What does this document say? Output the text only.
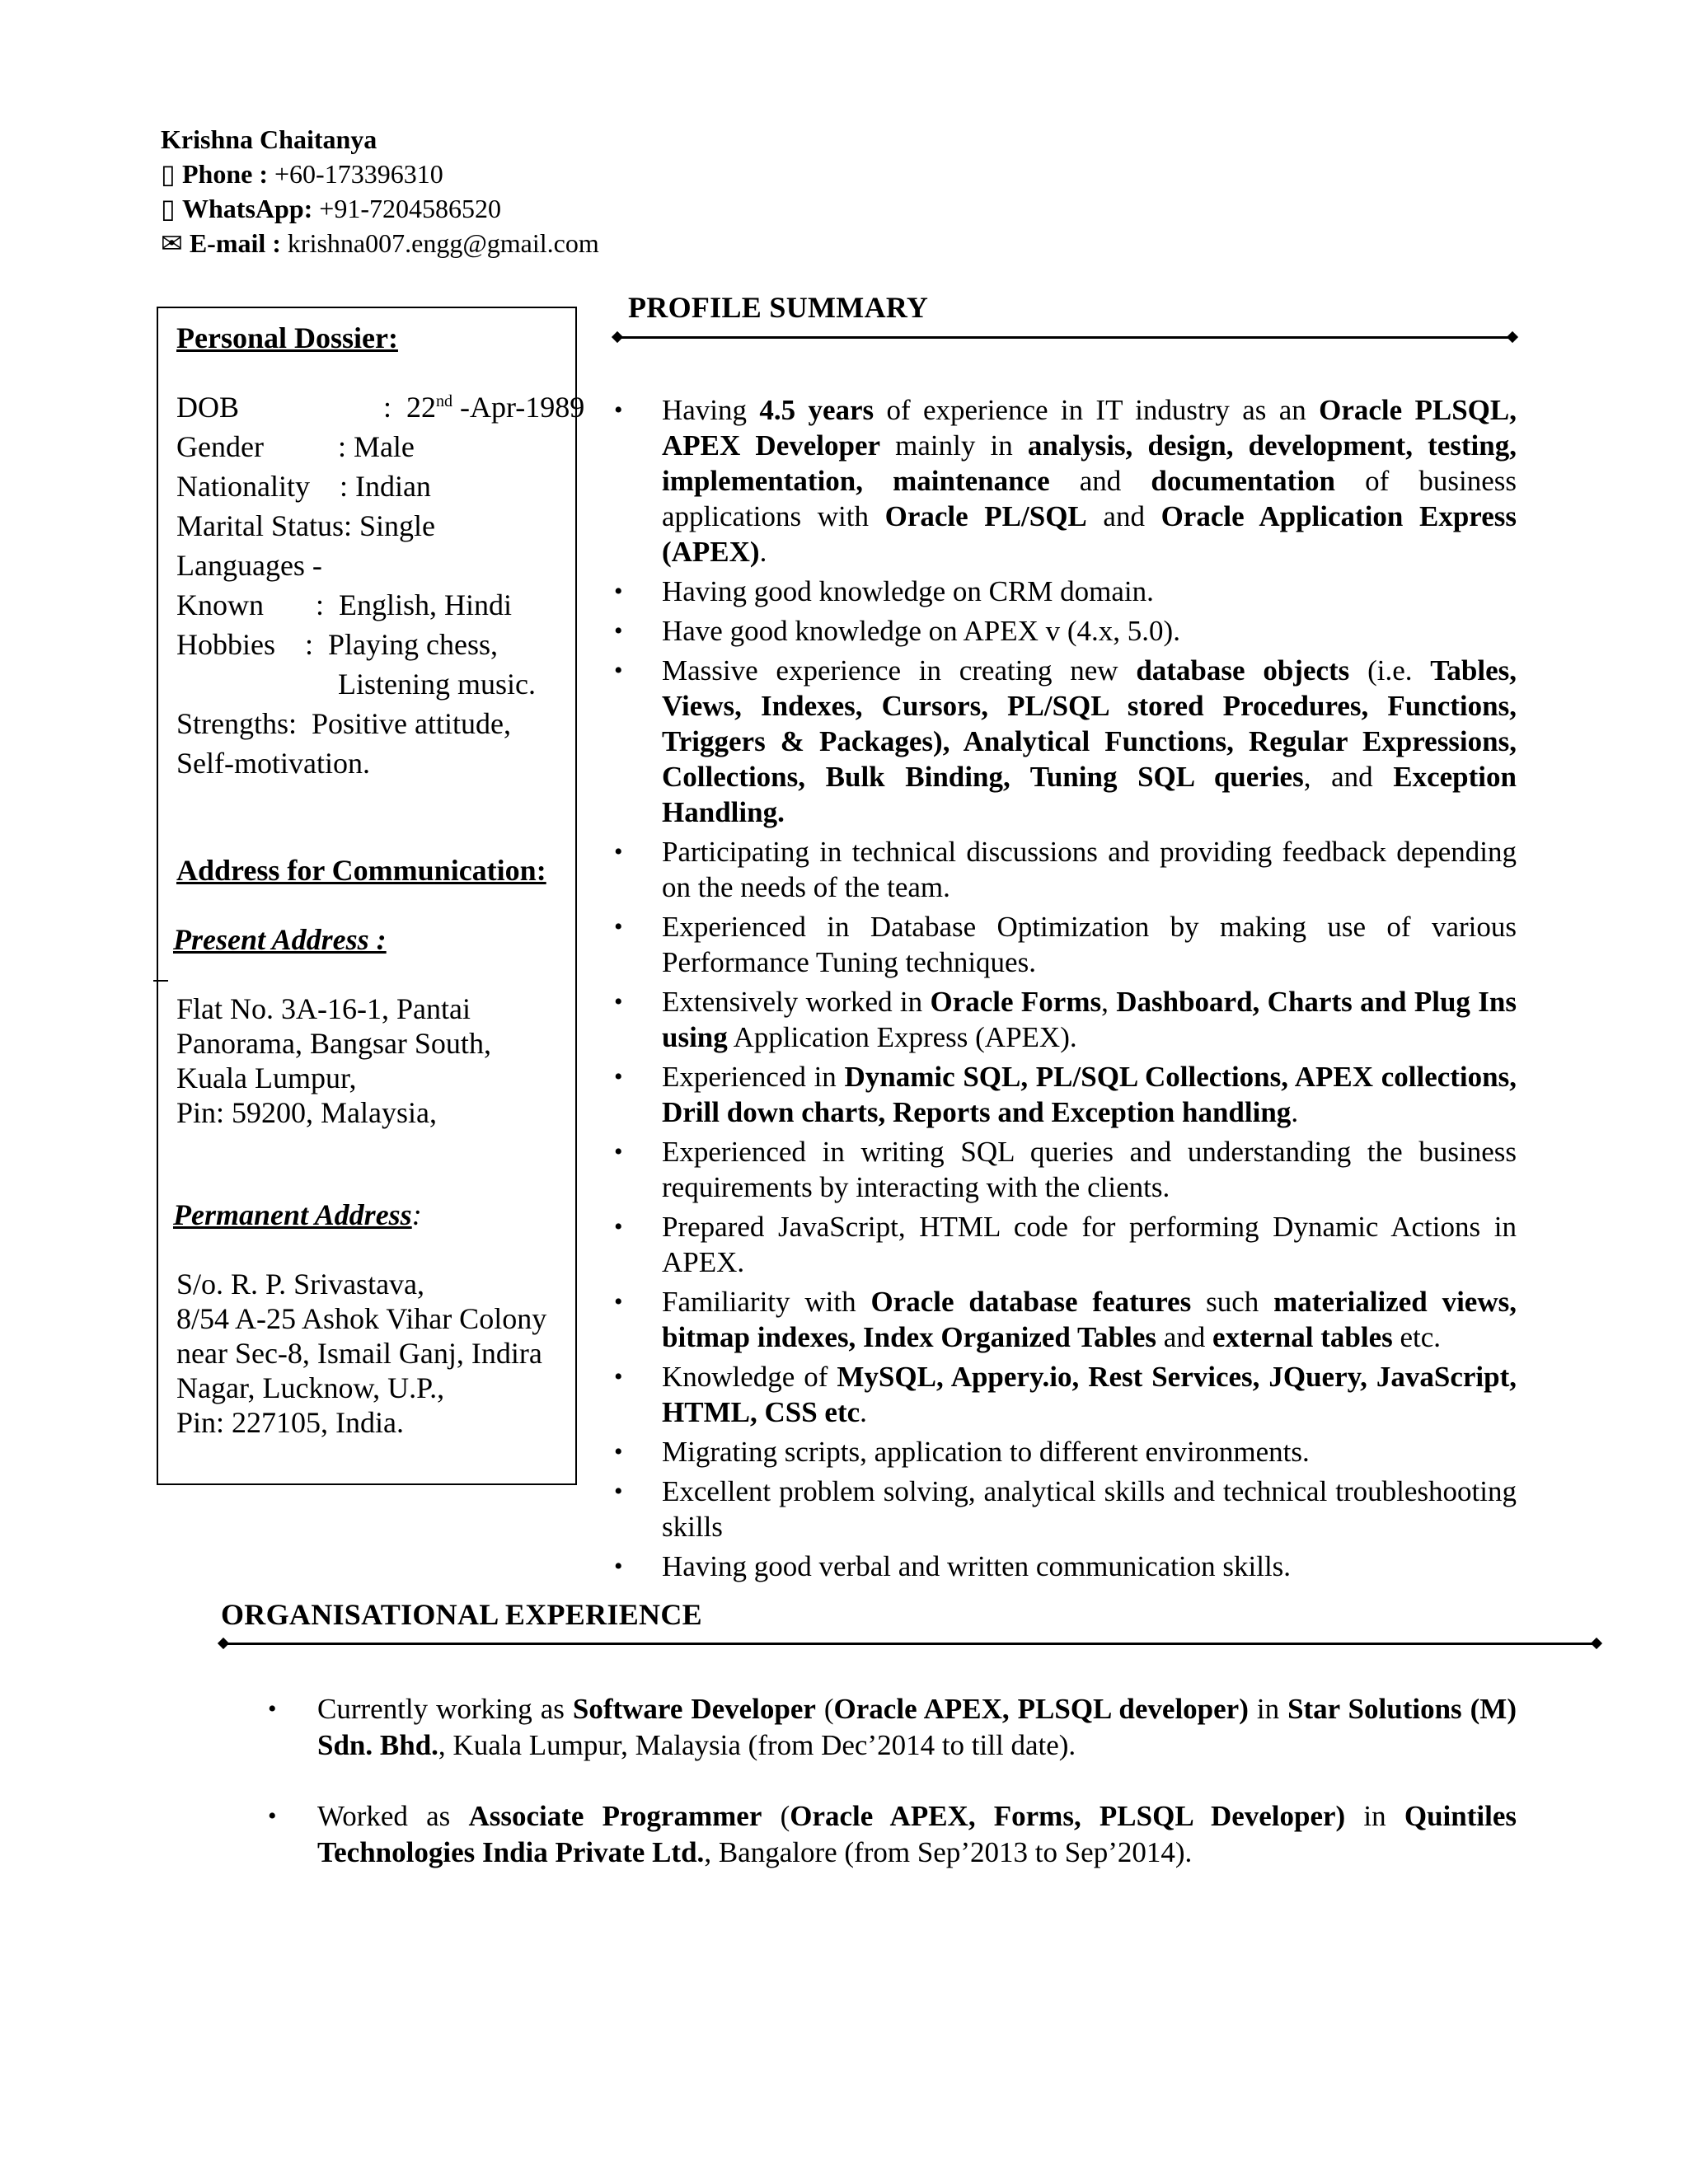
Krishna Chaitanya
▯ Phone : +60-173396310
▯ WhatsApp: +91-7204586520
✉ E-mail : krishna007.engg@gmail.com
Personal Dossier:
DOB	: 22nd -Apr-1989
Gender          : Male
Nationality    : Indian
Marital Status: Single
Languages -
Known       :  English, Hindi
Hobbies    :  Playing chess,
Listening music.
Strengths:  Positive attitude,
Self-motivation.
Address for Communication:
Present Address :
Flat No. 3A-16-1, Pantai
Panorama, Bangsar South,
Kuala Lumpur,
Pin: 59200, Malaysia,
Permanent Address:
S/o. R. P. Srivastava,
8/54 A-25 Ashok Vihar Colony
near Sec-8, Ismail Ganj, Indira
Nagar, Lucknow, U.P.,
Pin: 227105, India.
PROFILE SUMMARY
• Having 4.5 years of experience in IT industry as an Oracle PLSQL, APEX Developer mainly in analysis, design, development, testing, implementation, maintenance and documentation of business applications with Oracle PL/SQL and Oracle Application Express (APEX).
• Having good knowledge on CRM domain.
• Have good knowledge on APEX v (4.x, 5.0).
• Massive experience in creating new database objects (i.e. Tables, Views, Indexes, Cursors, PL/SQL stored Procedures, Functions, Triggers & Packages), Analytical Functions, Regular Expressions, Collections, Bulk Binding, Tuning SQL queries, and Exception Handling.
• Participating in technical discussions and providing feedback depending on the needs of the team.
• Experienced in Database Optimization by making use of various Performance Tuning techniques.
• Extensively worked in Oracle Forms, Dashboard, Charts and Plug Ins using Application Express (APEX).
• Experienced in Dynamic SQL, PL/SQL Collections, APEX collections, Drill down charts, Reports and Exception handling.
• Experienced in writing SQL queries and understanding the business requirements by interacting with the clients.
• Prepared JavaScript, HTML code for performing Dynamic Actions in APEX.
• Familiarity with Oracle database features such materialized views, bitmap indexes, Index Organized Tables and external tables etc.
• Knowledge of MySQL, Appery.io, Rest Services, JQuery, JavaScript, HTML, CSS etc.
• Migrating scripts, application to different environments.
• Excellent problem solving, analytical skills and technical troubleshooting skills
• Having good verbal and written communication skills.
ORGANISATIONAL EXPERIENCE
• Currently working as Software Developer (Oracle APEX, PLSQL developer) in Star Solutions (M) Sdn. Bhd., Kuala Lumpur, Malaysia (from Dec’2014 to till date).
• Worked as Associate Programmer (Oracle APEX, Forms, PLSQL Developer) in Quintiles Technologies India Private Ltd., Bangalore (from Sep’2013 to Sep’2014).
